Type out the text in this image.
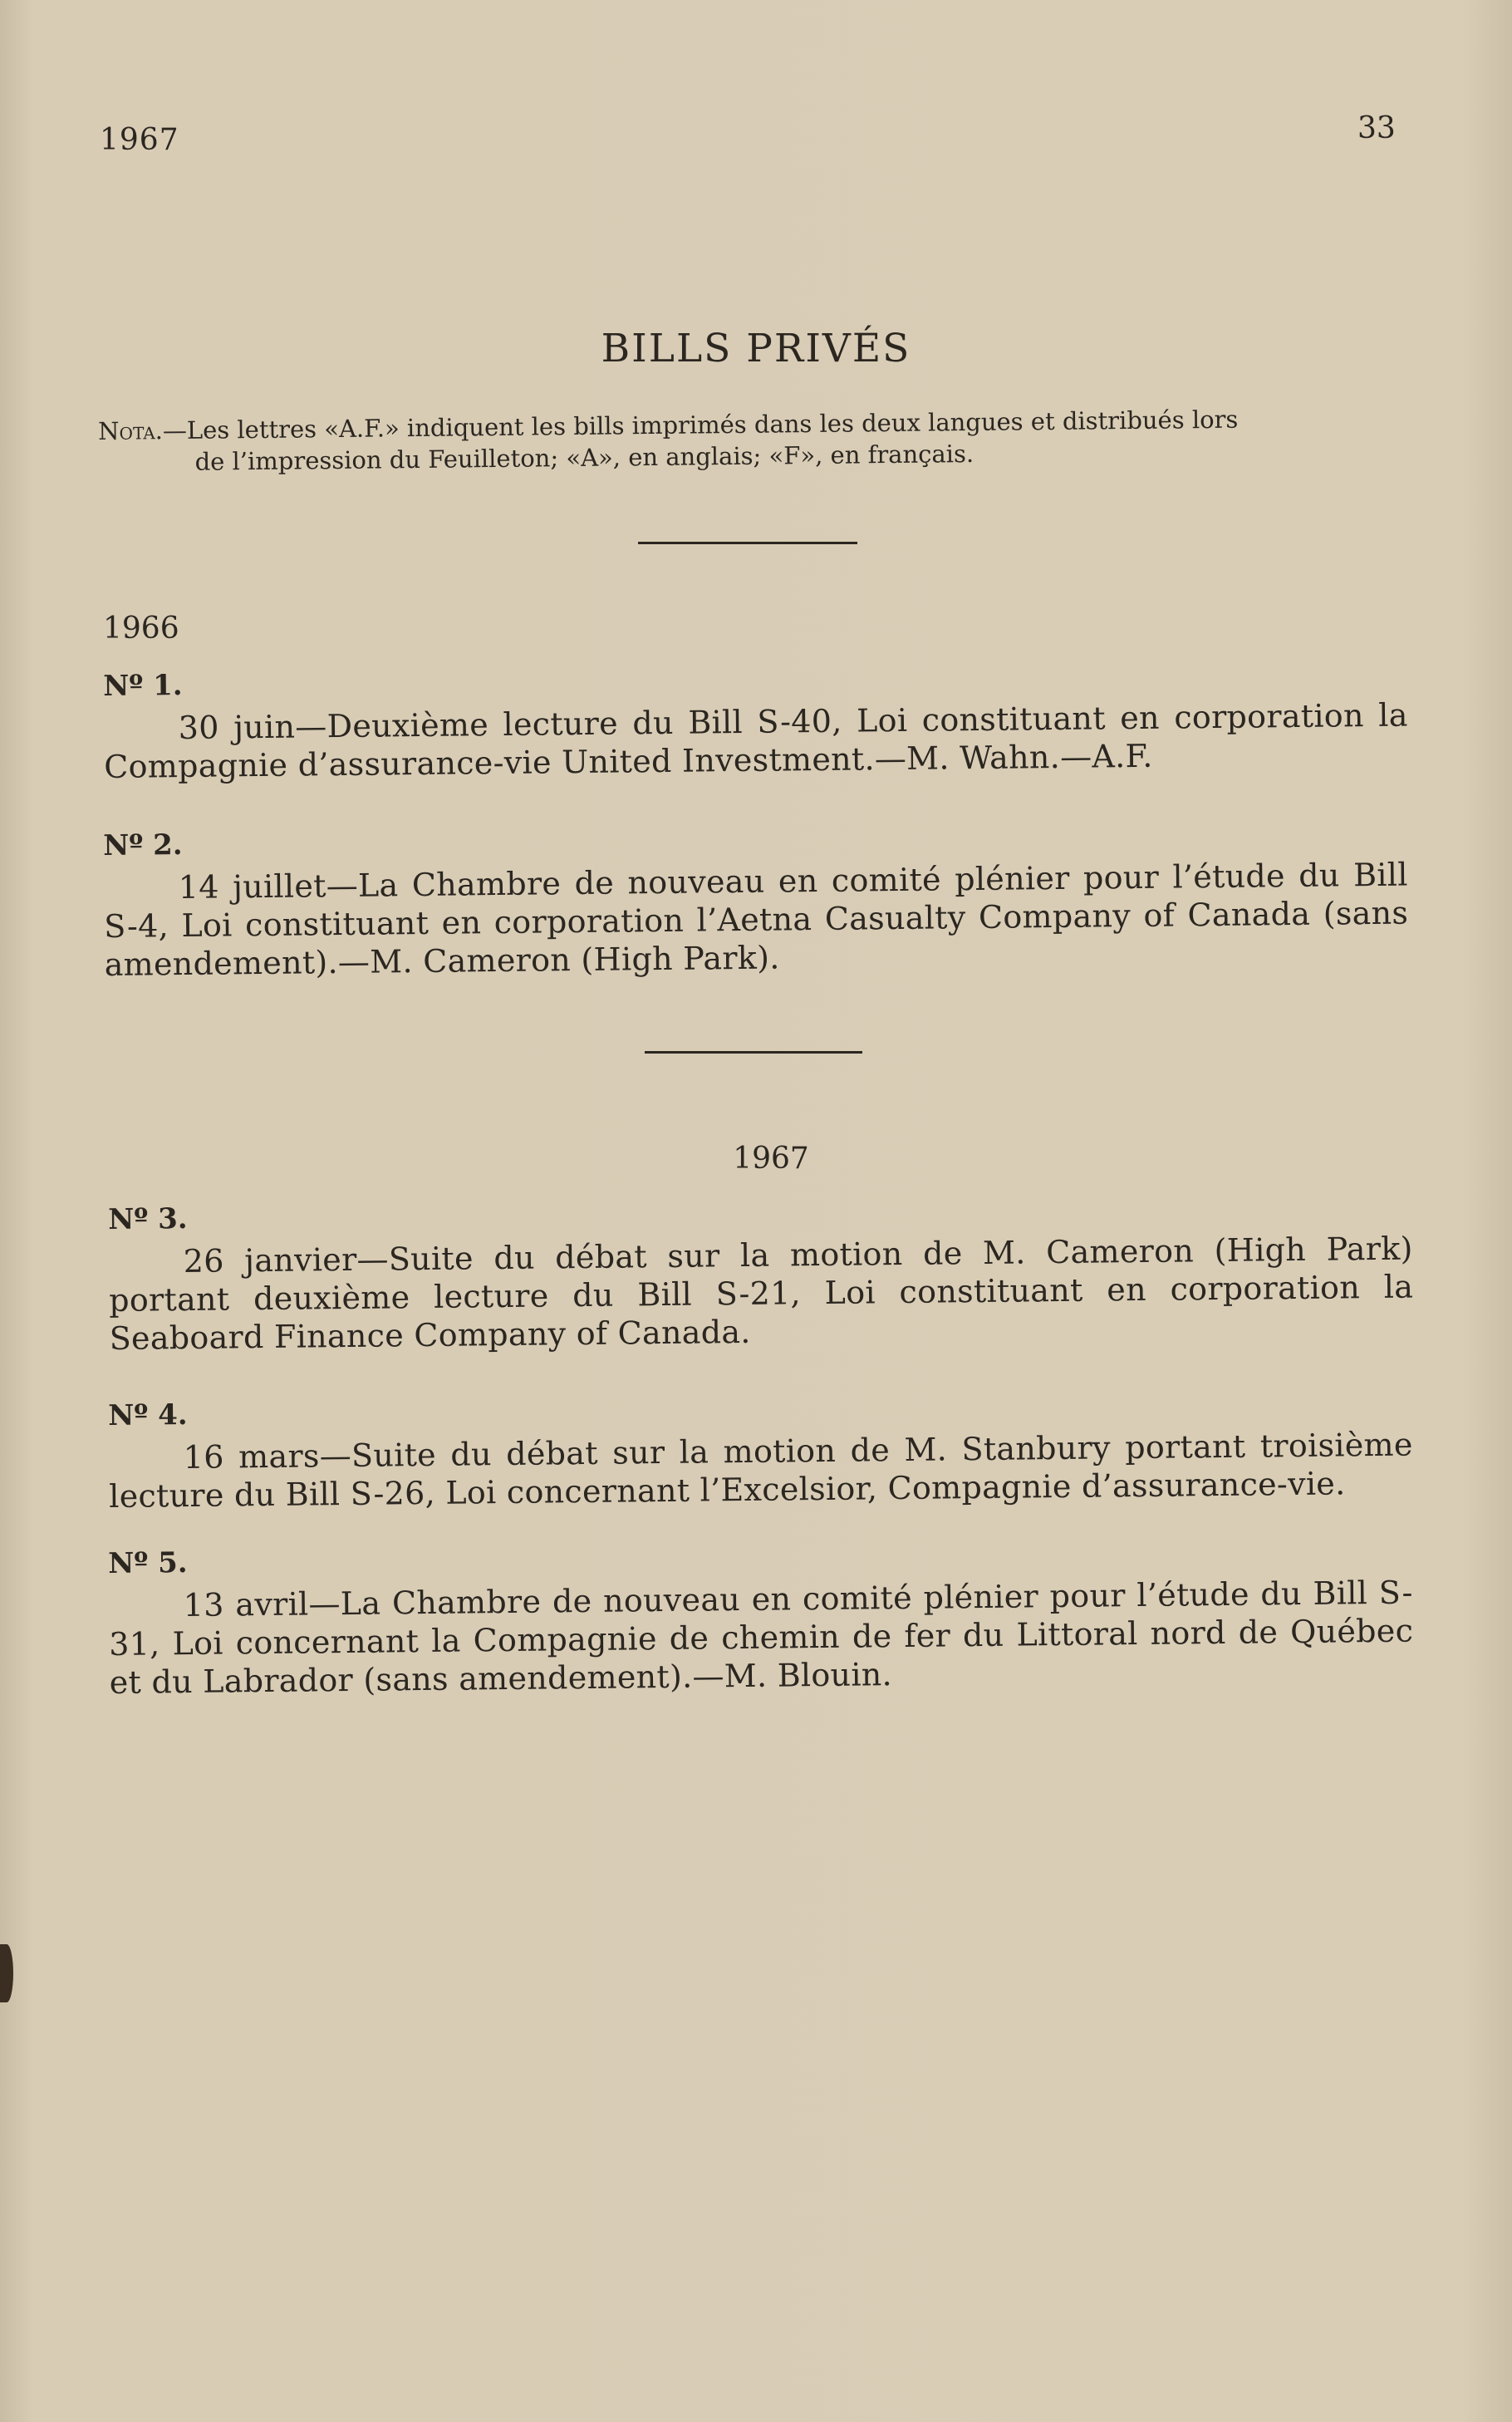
1967	33
BILLS PRIVÉS
Nota.—Les lettres «A.F.» indiquent les bills imprimés dans les deux langues et distribués lors
de l’impression du Feuilleton; «A», en anglais; «F», en français.
1966
Nº 1.
30 juin—Deuxième lecture du Bill S-40, Loi constituant en corporation la Compagnie d’assurance-vie United Investment.—M. Wahn.—A.F.
Nº 2.
14 juillet—La Chambre de nouveau en comité plénier pour l’étude du Bill S-4, Loi constituant en corporation l’Aetna Casualty Company of Canada (sans amendement).—M. Cameron (High Park).
1967
Nº 3.
26 janvier—Suite du débat sur la motion de M. Cameron (High Park) portant deuxième lecture du Bill S-21, Loi constituant en corporation la Seaboard Finance Company of Canada.
Nº 4.
16 mars—Suite du débat sur la motion de M. Stanbury portant troisième lecture du Bill S-26, Loi concernant l’Excelsior, Compagnie d’assurance-vie.
Nº 5.
13 avril—La Chambre de nouveau en comité plénier pour l’étude du Bill S-31, Loi concernant la Compagnie de chemin de fer du Littoral nord de Québec et du Labrador (sans amendement).—M. Blouin.
